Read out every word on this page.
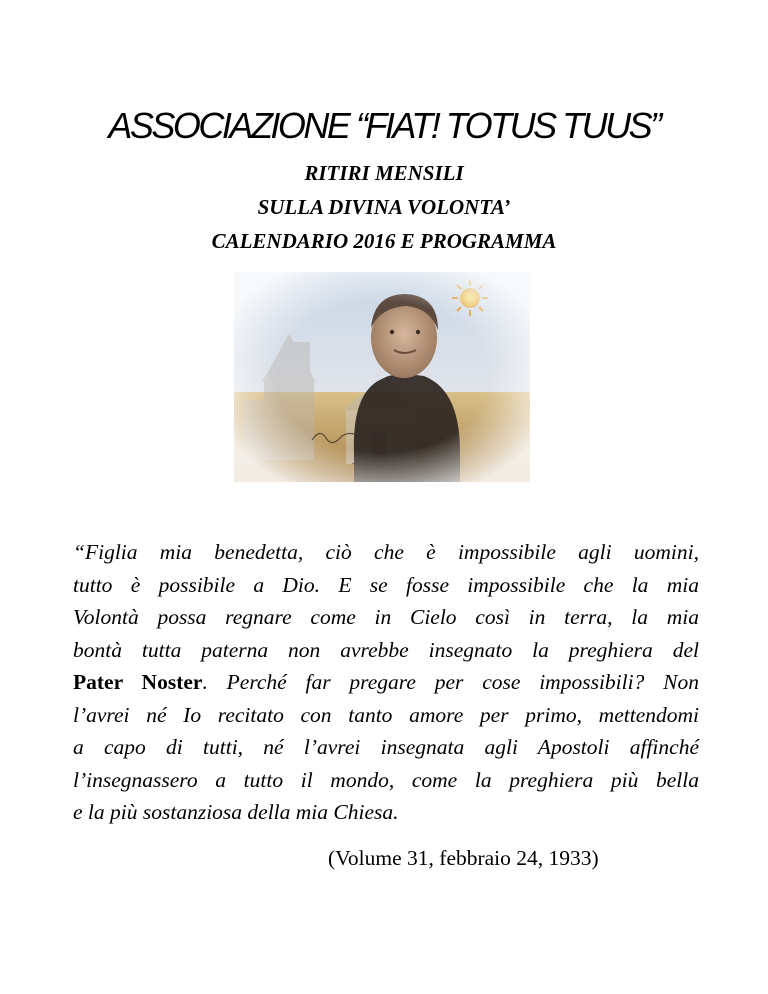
ASSOCIAZIONE “FIAT! TOTUS TUUS”
RITIRI MENSILI
SULLA DIVINA VOLONTA’
CALENDARIO 2016 E PROGRAMMA
“Figlia mia benedetta, ciò che è impossibile agli uomini,
tutto è possibile a Dio. E se fosse impossibile che la mia
Volontà possa regnare come in Cielo così in terra, la mia
bontà tutta paterna non avrebbe insegnato la preghiera del
Pater Noster. Perché far pregare per cose impossibili? Non
l’avrei né Io recitato con tanto amore per primo, mettendomi
a capo di tutti, né l’avrei insegnata agli Apostoli affinché
l’insegnassero a tutto il mondo, come la preghiera più bella
e la più sostanziosa della mia Chiesa.
(Volume 31, febbraio 24, 1933)
